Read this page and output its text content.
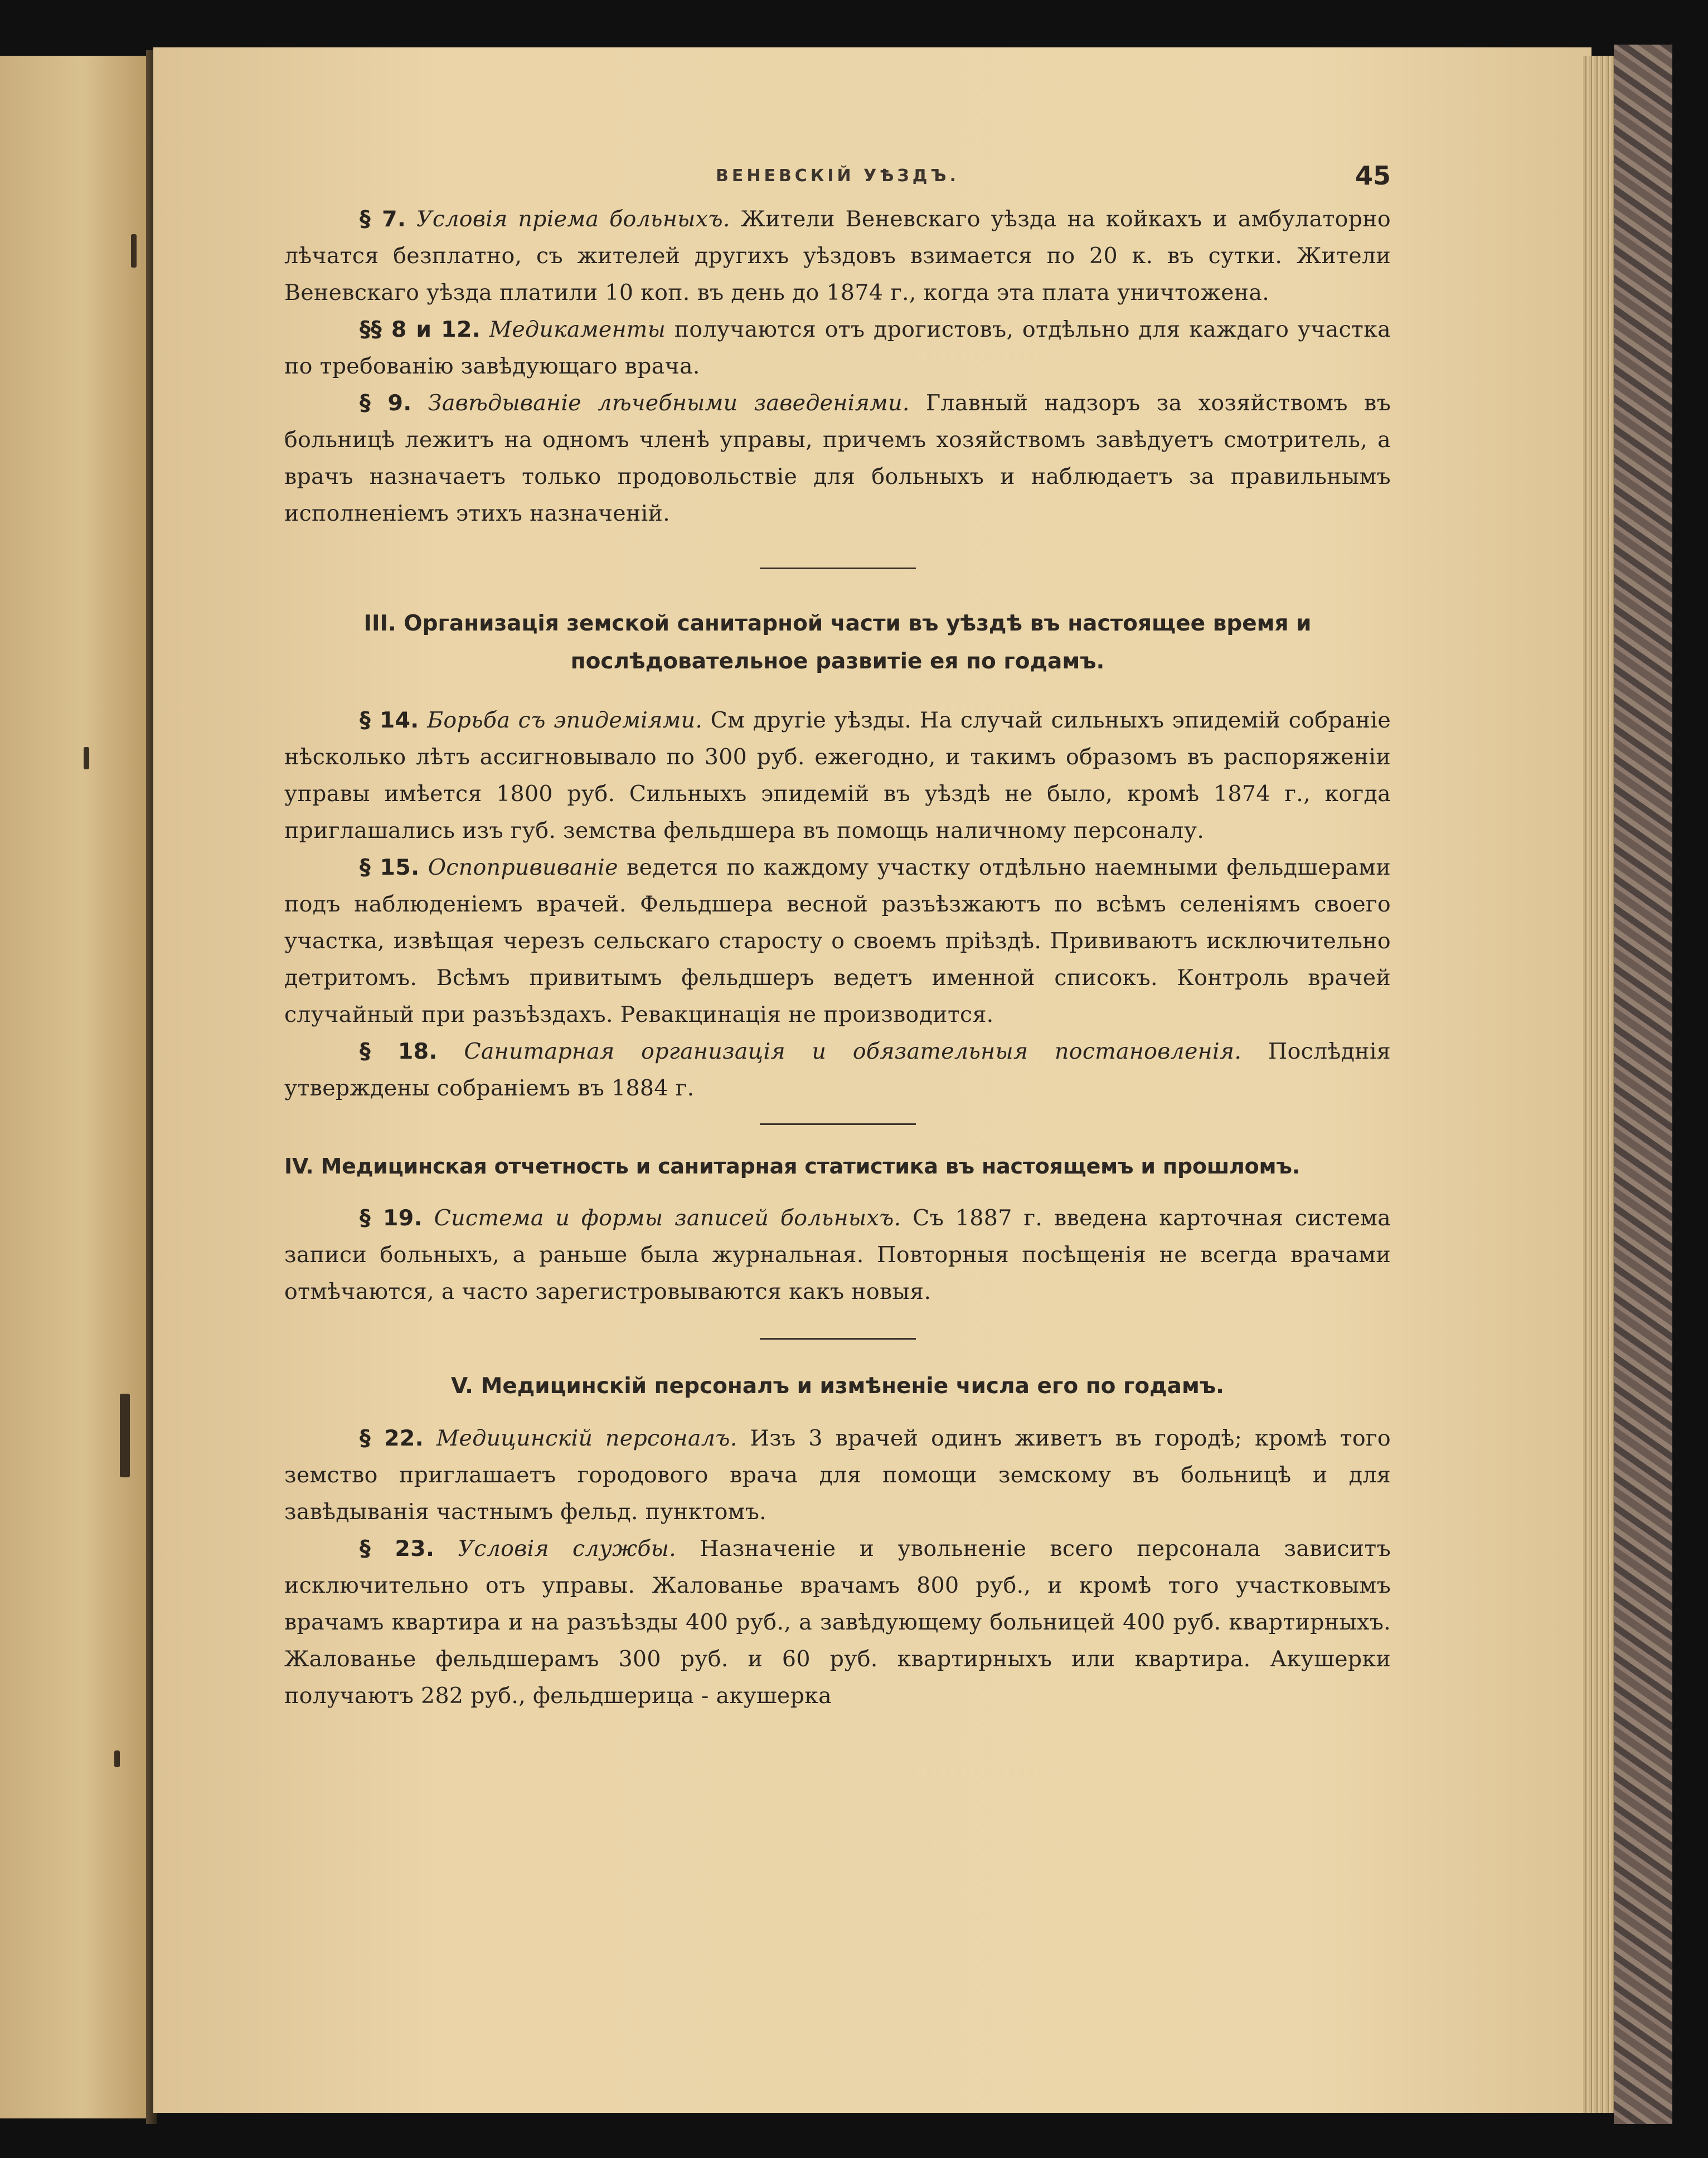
ВЕНЕВСКІЙ УѢЗДЪ.	45

§ 7. Условія пріема больныхъ. Жители Веневскаго уѣзда на койкахъ и амбулаторно лѣчатся безплатно, съ жителей другихъ уѣздовъ взимается по 20 к. въ сутки. Жители Веневскаго уѣзда платили 10 коп. въ день до 1874 г., когда эта плата уничтожена.

§§ 8 и 12. Медикаменты получаются отъ дрогистовъ, отдѣльно для каждаго участка по требованію завѣдующаго врача.

§ 9. Завѣдываніе лѣчебными заведеніями. Главный надзоръ за хозяйствомъ въ больницѣ лежитъ на одномъ членѣ управы, причемъ хозяйствомъ завѣдуетъ смотритель, а врачъ назначаетъ только продовольствіе для больныхъ и наблюдаетъ за правильнымъ исполненіемъ этихъ назначеній.

III. Организація земской санитарной части въ уѣздѣ въ настоящее время и послѣдовательное развитіе ея по годамъ.

§ 14. Борьба съ эпидеміями. См другіе уѣзды. На случай сильныхъ эпидемій собраніе нѣсколько лѣтъ ассигновывало по 300 руб. ежегодно, и такимъ образомъ въ распоряженіи управы имѣется 1800 руб. Сильныхъ эпидемій въ уѣздѣ не было, кромѣ 1874 г., когда приглашались изъ губ. земства фельдшера въ помощь наличному персоналу.

§ 15. Оспопрививаніе ведется по каждому участку отдѣльно наемными фельдшерами подъ наблюденіемъ врачей. Фельдшера весной разъѣзжаютъ по всѣмъ селеніямъ своего участка, извѣщая черезъ сельскаго старосту о своемъ пріѣздѣ. Прививаютъ исключительно детритомъ. Всѣмъ привитымъ фельдшеръ ведетъ именной списокъ. Контроль врачей случайный при разъѣздахъ. Ревакцинація не производится.

§ 18. Санитарная организація и обязательныя постановленія. Послѣднія утверждены собраніемъ въ 1884 г.

IV. Медицинская отчетность и санитарная статистика въ настоящемъ и прошломъ.

§ 19. Система и формы записей больныхъ. Съ 1887 г. введена карточная система записи больныхъ, а раньше была журнальная. Повторныя посѣщенія не всегда врачами отмѣчаются, а часто зарегистровываются какъ новыя.

V. Медицинскій персоналъ и измѣненіе числа его по годамъ.

§ 22. Медицинскій персоналъ. Изъ 3 врачей одинъ живетъ въ городѣ; кромѣ того земство приглашаетъ городового врача для помощи земскому въ больницѣ и для завѣдыванія частнымъ фельд. пунктомъ.

§ 23. Условія службы. Назначеніе и увольненіе всего персонала зависитъ исключительно отъ управы. Жалованье врачамъ 800 руб., и кромѣ того участковымъ врачамъ квартира и на разъѣзды 400 руб., а завѣдующему больницей 400 руб. квартирныхъ. Жалованье фельдшерамъ 300 руб. и 60 руб. квартирныхъ или квартира. Акушерки получаютъ 282 руб., фельдшерица - акушерка
